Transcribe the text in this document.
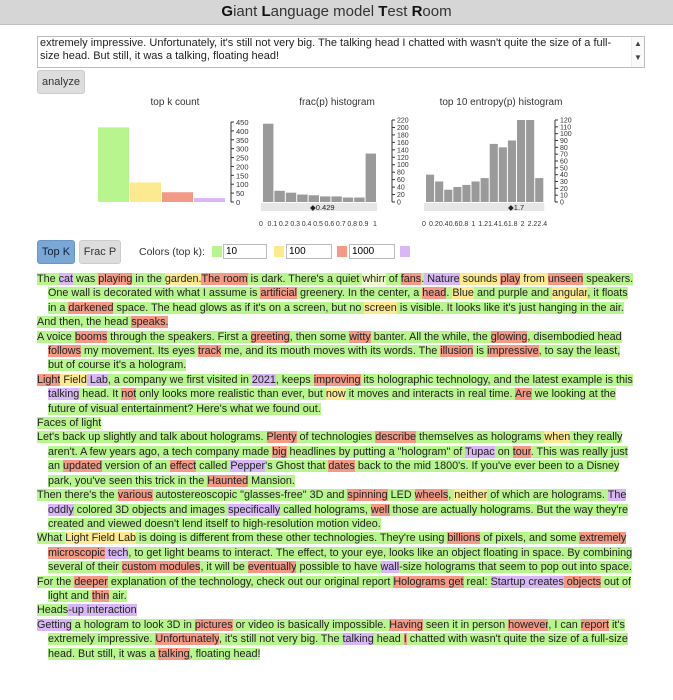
Giant Language model Test Room
extremely impressive. Unfortunately, it's still not very big. The talking head I chatted with wasn't quite the size of a full-size head. But still, it was a talking, floating head!
▲
▼
analyze
top k count	frac(p) histogram	top 10 entropy(p) histogram
0
50
100
150
200
250
300
350
400
450
0
20
40
60
80
100
120
140
160
180
200
220
◆0.429
0 0.1 0.2 0.3 0.4 0.5 0.6 0.7 0.8 0.9 1
0
10
20
30
40
50
60
70
80
90
100
110
120
◆1.7
0 0.2 0.4 0.6 0.8 1 1.2 1.4 1.6 1.8 2 2.2 2.4
Top K	Frac P	Colors (top k):
10
100
1000
The cat was playing in the garden.The room is dark. There's a quiet whirr of fans. Nature sounds play from unseen speakers. One wall is decorated with what I assume is artificial greenery. In the center, a head. Blue and purple and angular, it floats in a darkened space. The head glows as if it's on a screen, but no screen is visible. It looks like it's just hanging in the air.
And then, the head speaks.
A voice booms through the speakers. First a greeting, then some witty banter. All the while, the glowing, disembodied head follows my movement. Its eyes track me, and its mouth moves with its words. The illusion is impressive, to say the least, but of course it's a hologram.
Light Field Lab, a company we first visited in 2021, keeps improving its holographic technology, and the latest example is this talking head. It not only looks more realistic than ever, but now it moves and interacts in real time. Are we looking at the future of visual entertainment? Here's what we found out.
Faces of light
Let's back up slightly and talk about holograms. Plenty of technologies describe themselves as holograms when they really aren't. A few years ago, a tech company made big headlines by putting a "hologram" of Tupac on tour. This was really just an updated version of an effect called Pepper's Ghost that dates back to the mid 1800's. If you've ever been to a Disney park, you've seen this trick in the Haunted Mansion.
Then there's the various autostereoscopic "glasses-free" 3D and spinning LED wheels, neither of which are holograms. The oddly colored 3D objects and images specifically called holograms, well those are actually holograms. But the way they're created and viewed doesn't lend itself to high-resolution motion video.
What Light Field Lab is doing is different from these other technologies. They're using billions of pixels, and some extremely microscopic tech, to get light beams to interact. The effect, to your eye, looks like an object floating in space. By combining several of their custom modules, it will be eventually possible to have wall-size holograms that seem to pop out into space.
For the deeper explanation of the technology, check out our original report Holograms get real: Startup creates objects out of light and thin air.
Heads-up interaction
Getting a hologram to look 3D in pictures or video is basically impossible. Having seen it in person however, I can report it's extremely impressive. Unfortunately, it's still not very big. The talking head I chatted with wasn't quite the size of a full-size head. But still, it was a talking, floating head!
